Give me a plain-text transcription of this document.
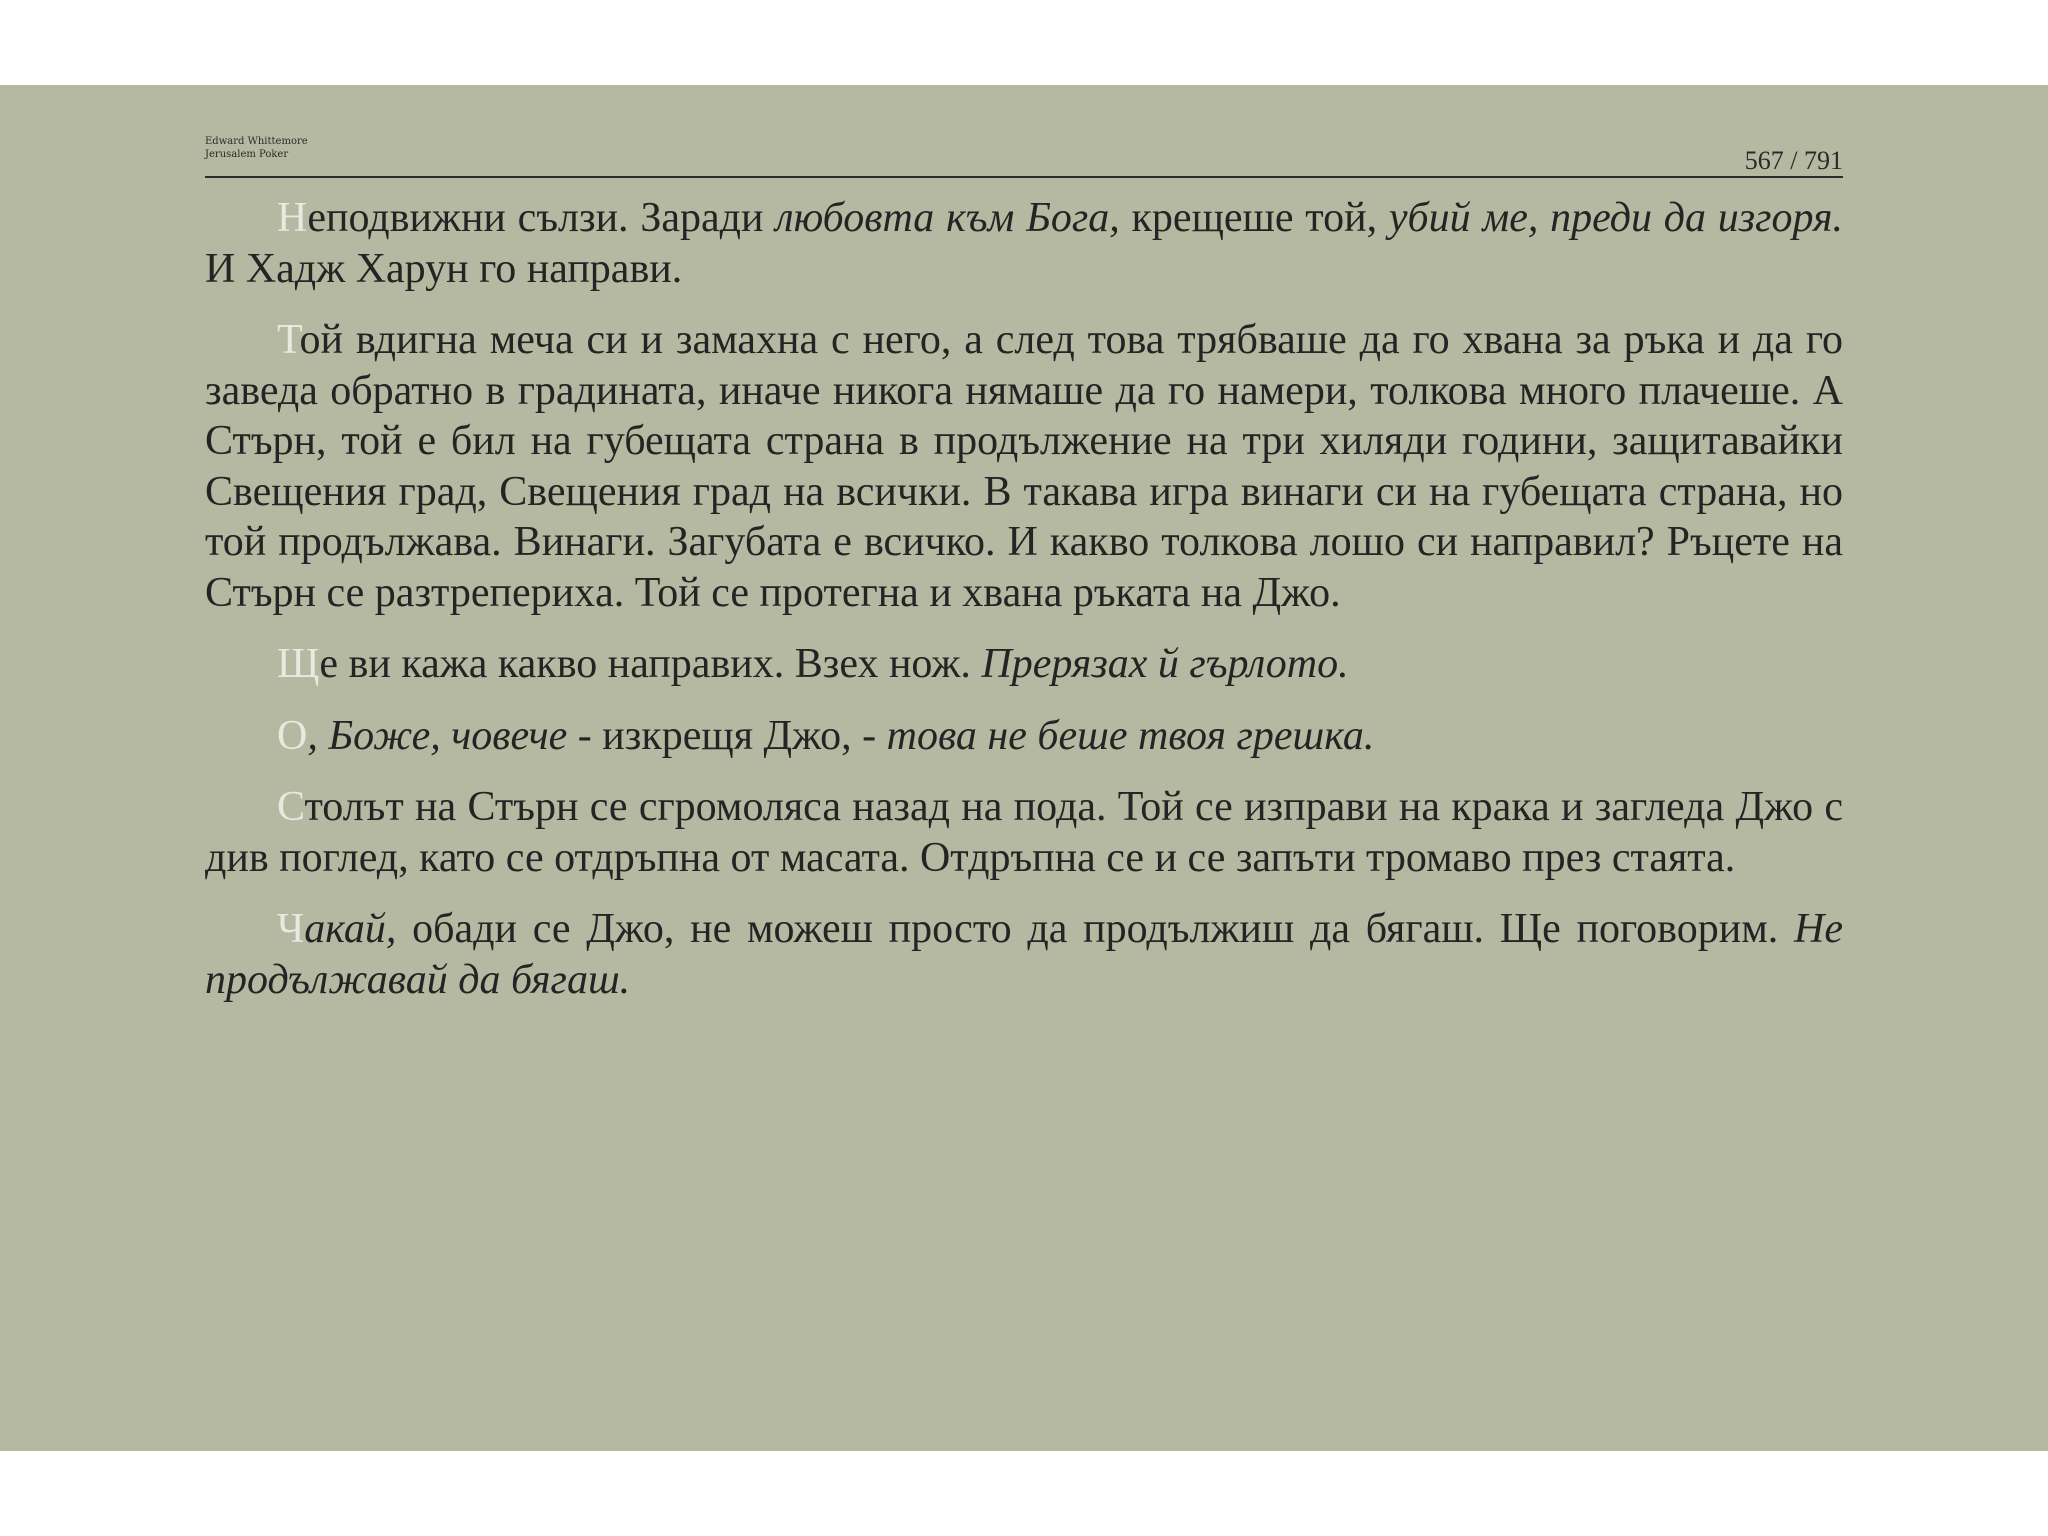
Edward Whittemore
Jerusalem Poker	567 / 791

Неподвижни сълзи. Заради любовта към Бога, крещеше той, убий ме, преди да изгоря. И Хадж Харун го направи.

Той вдигна меча си и замахна с него, а след това трябваше да го хвана за ръка и да го заведа обратно в градината, иначе никога нямаше да го намери, толкова много плачеше. А Стърн, той е бил на губещата страна в продължение на три хиляди години, защитавайки Свещения град, Свещения град на всички. В такава игра винаги си на губещата страна, но той продължава. Винаги. Загубата е всичко. И какво толкова лошо си направил? Ръцете на Стърн се разтреперихa. Той се протегна и хвана ръката на Джо.

Ще ви кажа какво направих. Взех нож. Прерязах й гърлото.

О, Боже, човече - изкрещя Джо, - това не беше твоя грешка.

Столът на Стърн се сгромоляса назад на пода. Той се изправи на крака и загледа Джо с див поглед, като се отдръпна от масата. Отдръпна се и се запъти тромаво през стаята.

Чакай, обади се Джо, не можеш просто да продължиш да бягаш. Ще поговорим. Не продължавай да бягаш.
